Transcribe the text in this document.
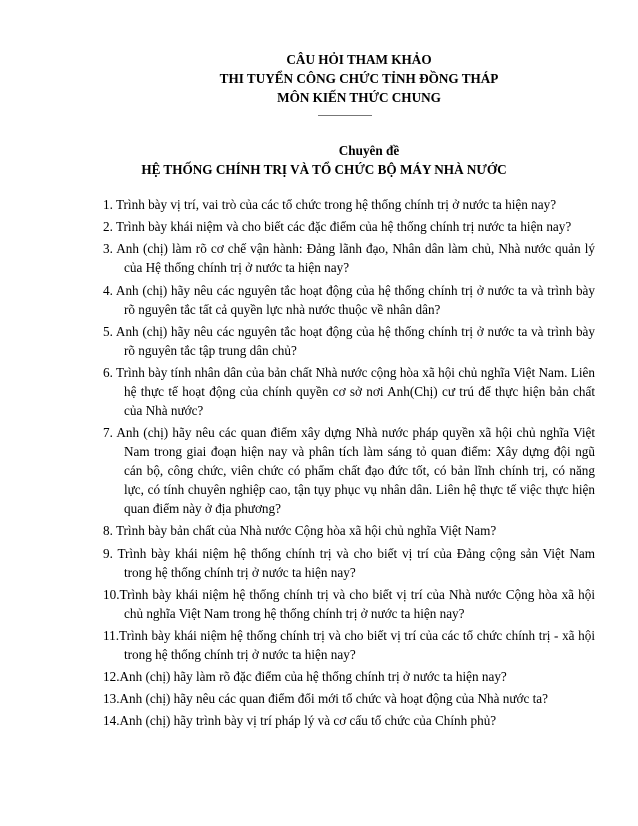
CÂU HỎI THAM KHẢO
THI TUYỂN CÔNG CHỨC TỈNH ĐỒNG THÁP
MÔN KIẾN THỨC CHUNG
Chuyên đề
HỆ THỐNG CHÍNH TRỊ VÀ TỔ CHỨC BỘ MÁY NHÀ NƯỚC
1. Trình bày vị trí, vai trò của các tổ chức trong hệ thống chính trị ở nước ta hiện nay?
2. Trình bày khái niệm và cho biết các đặc điểm của hệ thống chính trị nước ta hiện nay?
3. Anh (chị) làm rõ cơ chế vận hành: Đảng lãnh đạo, Nhân dân làm chủ, Nhà nước quản lý của Hệ thống chính trị ở nước ta hiện nay?
4. Anh (chị) hãy nêu các nguyên tắc hoạt động của hệ thống chính trị ở nước ta và trình bày rõ nguyên tắc tất cả quyền lực nhà nước thuộc về nhân dân?
5. Anh (chị) hãy nêu các nguyên tắc hoạt động của hệ thống chính trị ở nước ta và trình bày rõ nguyên tắc tập trung dân chủ?
6. Trình bày tính nhân dân của bản chất Nhà nước cộng hòa xã hội chủ nghĩa Việt Nam. Liên hệ thực tế hoạt động của chính quyền cơ sở nơi Anh(Chị) cư trú để thực hiện bản chất của Nhà nước?
7. Anh (chị) hãy nêu các quan điểm xây dựng Nhà nước pháp quyền xã hội chủ nghĩa Việt Nam trong giai đoạn hiện nay và phân tích làm sáng tỏ quan điểm: Xây dựng đội ngũ cán bộ, công chức, viên chức có phẩm chất đạo đức tốt, có bản lĩnh chính trị, có năng lực, có tính chuyên nghiệp cao, tận tụy phục vụ nhân dân. Liên hệ thực tế việc thực hiện quan điểm này ở địa phương?
8. Trình bày bản chất của Nhà nước Cộng hòa xã hội chủ nghĩa Việt Nam?
9. Trình bày khái niệm hệ thống chính trị và cho biết vị trí của Đảng cộng sản Việt Nam trong hệ thống chính trị ở nước ta hiện nay?
10.Trình bày khái niệm hệ thống chính trị và cho biết vị trí của Nhà nước Cộng hòa xã hội chủ nghĩa Việt Nam trong hệ thống chính trị ở nước ta hiện nay?
11.Trình bày khái niệm hệ thống chính trị và cho biết vị trí của các tổ chức chính trị - xã hội trong hệ thống chính trị ở nước ta hiện nay?
12.Anh (chị) hãy làm rõ đặc điểm của hệ thống chính trị ở nước ta hiện nay?
13.Anh (chị) hãy nêu các quan điểm đổi mới tổ chức và hoạt động của Nhà nước ta?
14.Anh (chị) hãy trình bày vị trí pháp lý và cơ cấu tổ chức của Chính phủ?
